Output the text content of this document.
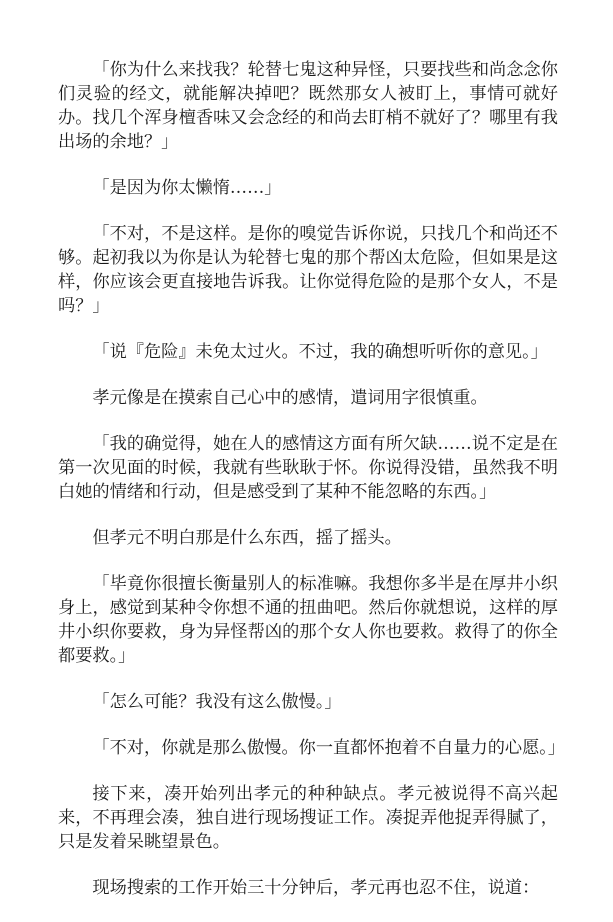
「你为什么来找我？轮替七鬼这种异怪，只要找些和尚念念你们灵验的经文，就能解决掉吧？既然那女人被盯上，事情可就好办。找几个浑身檀香味又会念经的和尚去盯梢不就好了？哪里有我出场的余地？」

「是因为你太懒惰……」

「不对，不是这样。是你的嗅觉告诉你说，只找几个和尚还不够。起初我以为你是认为轮替七鬼的那个帮凶太危险，但如果是这样，你应该会更直接地告诉我。让你觉得危险的是那个女人，不是吗？」

「说『危险』未免太过火。不过，我的确想听听你的意见。」

孝元像是在摸索自己心中的感情，遣词用字很慎重。

「我的确觉得，她在人的感情这方面有所欠缺……说不定是在第一次见面的时候，我就有些耿耿于怀。你说得没错，虽然我不明白她的情绪和行动，但是感受到了某种不能忽略的东西。」

但孝元不明白那是什么东西，摇了摇头。

「毕竟你很擅长衡量别人的标准嘛。我想你多半是在厚井小织身上，感觉到某种令你想不通的扭曲吧。然后你就想说，这样的厚井小织你要救，身为异怪帮凶的那个女人你也要救。救得了的你全都要救。」

「怎么可能？我没有这么傲慢。」

「不对，你就是那么傲慢。你一直都怀抱着不自量力的心愿。」

接下来，凑开始列出孝元的种种缺点。孝元被说得不高兴起来，不再理会凑，独自进行现场搜证工作。凑捉弄他捉弄得腻了，只是发着呆眺望景色。

现场搜索的工作开始三十分钟后，孝元再也忍不住，说道：
